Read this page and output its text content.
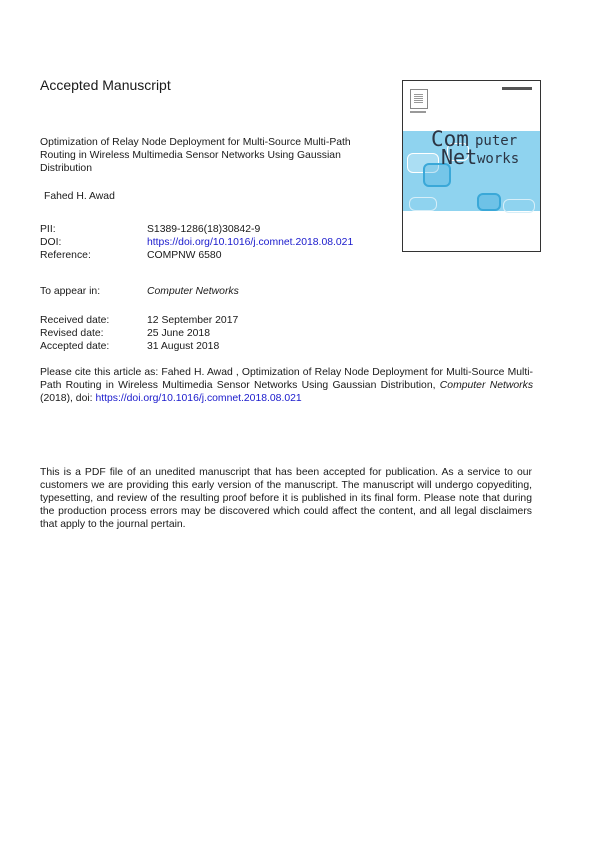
Accepted Manuscript
Optimization of Relay Node Deployment for Multi-Source Multi-Path Routing in Wireless Multimedia Sensor Networks Using Gaussian Distribution
Fahed H. Awad
PII:	S1389-1286(18)30842-9
DOI:	https://doi.org/10.1016/j.comnet.2018.08.021
Reference:	COMPNW 6580
To appear in:	Computer Networks
Received date:	12 September 2017
Revised date:	25 June 2018
Accepted date:	31 August 2018
Please cite this article as: Fahed H. Awad , Optimization of Relay Node Deployment for Multi-Source Multi-Path Routing in Wireless Multimedia Sensor Networks Using Gaussian Distribution, Computer Networks (2018), doi: https://doi.org/10.1016/j.comnet.2018.08.021
This is a PDF file of an unedited manuscript that has been accepted for publication. As a service to our customers we are providing this early version of the manuscript. The manuscript will undergo copyediting, typesetting, and review of the resulting proof before it is published in its final form. Please note that during the production process errors may be discovered which could affect the content, and all legal disclaimers that apply to the journal pertain.
Com puter
Net works
